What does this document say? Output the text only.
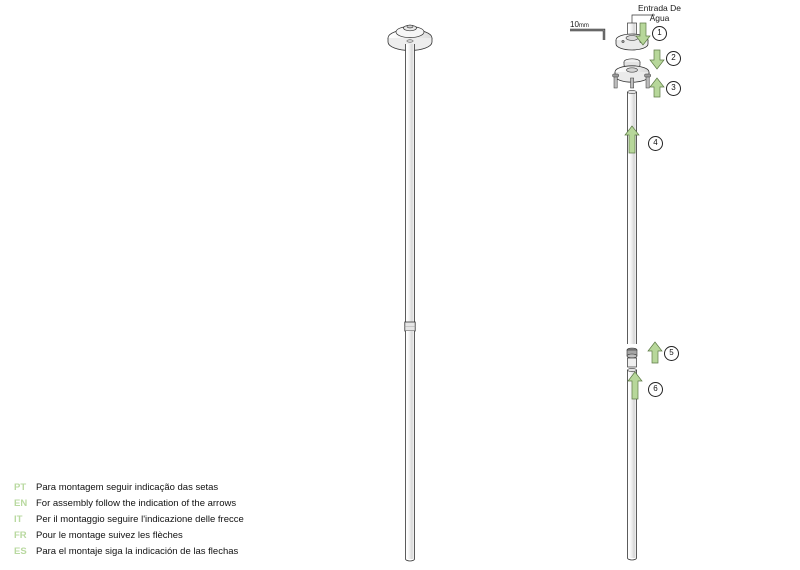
Entrada De
Água
10mm
1
2
3
4
5
6
PT	Para montagem seguir indicação das setas
EN For assembly follow the indication of the arrows
IT	Per il montaggio seguire l'indicazione delle frecce
FR Pour le montage suivez les flèches
ES Para el montaje siga la indicación de las flechas
